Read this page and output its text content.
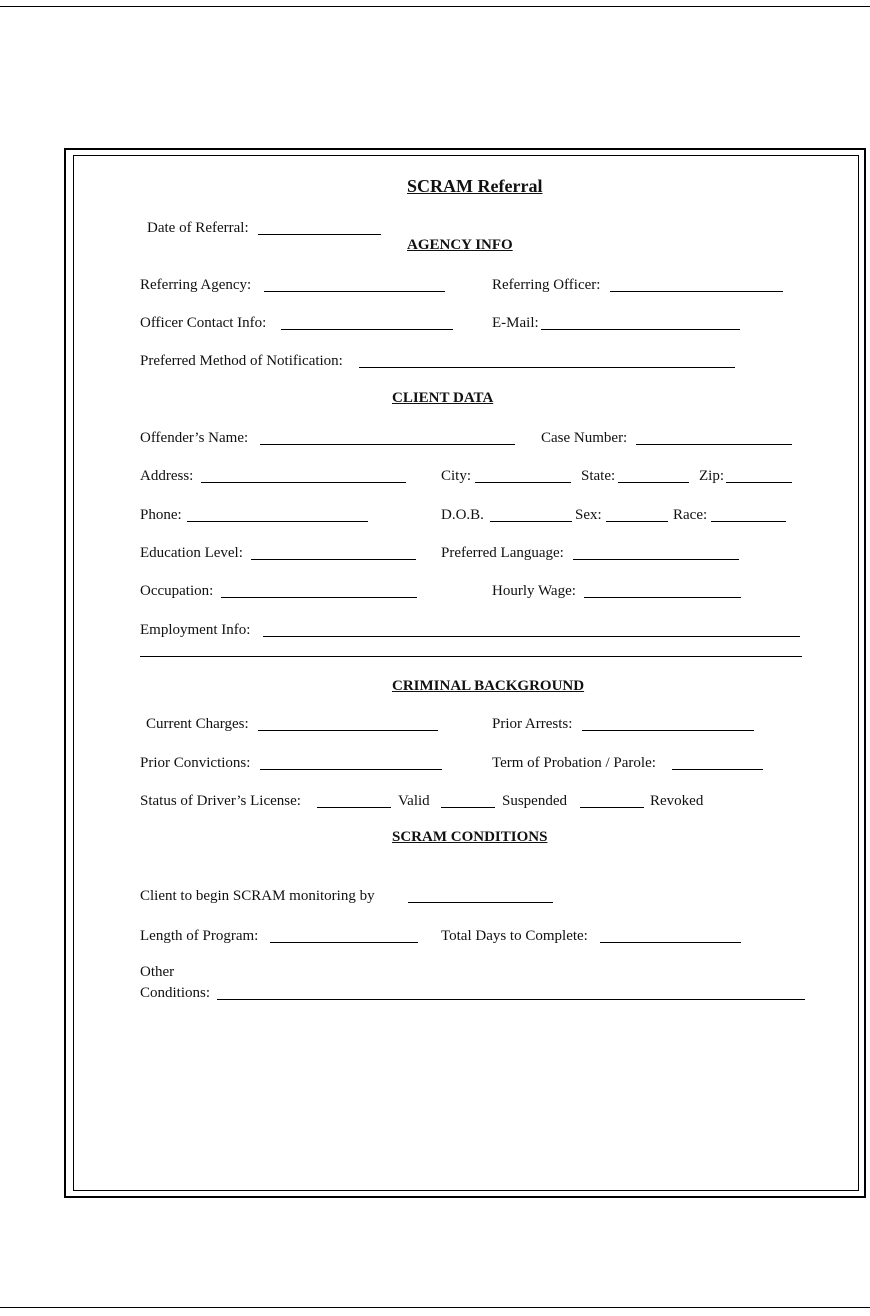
SCRAM Referral
Date of Referral:
AGENCY INFO
Referring Agency:	Referring Officer:
Officer Contact Info:	E-Mail:
Preferred Method of Notification:
CLIENT DATA
Offender’s Name:	Case Number:
Address:	City:	State:	Zip:
Phone:	D.O.B.	Sex:	Race:
Education Level:	Preferred Language:
Occupation:	Hourly Wage:
Employment Info:
CRIMINAL BACKGROUND
Current Charges:	Prior Arrests:
Prior Convictions:	Term of Probation / Parole:
Status of Driver’s License:	Valid	Suspended	Revoked
SCRAM CONDITIONS
Client to begin SCRAM monitoring by
Length of Program:	Total Days to Complete:
Other
Conditions:
